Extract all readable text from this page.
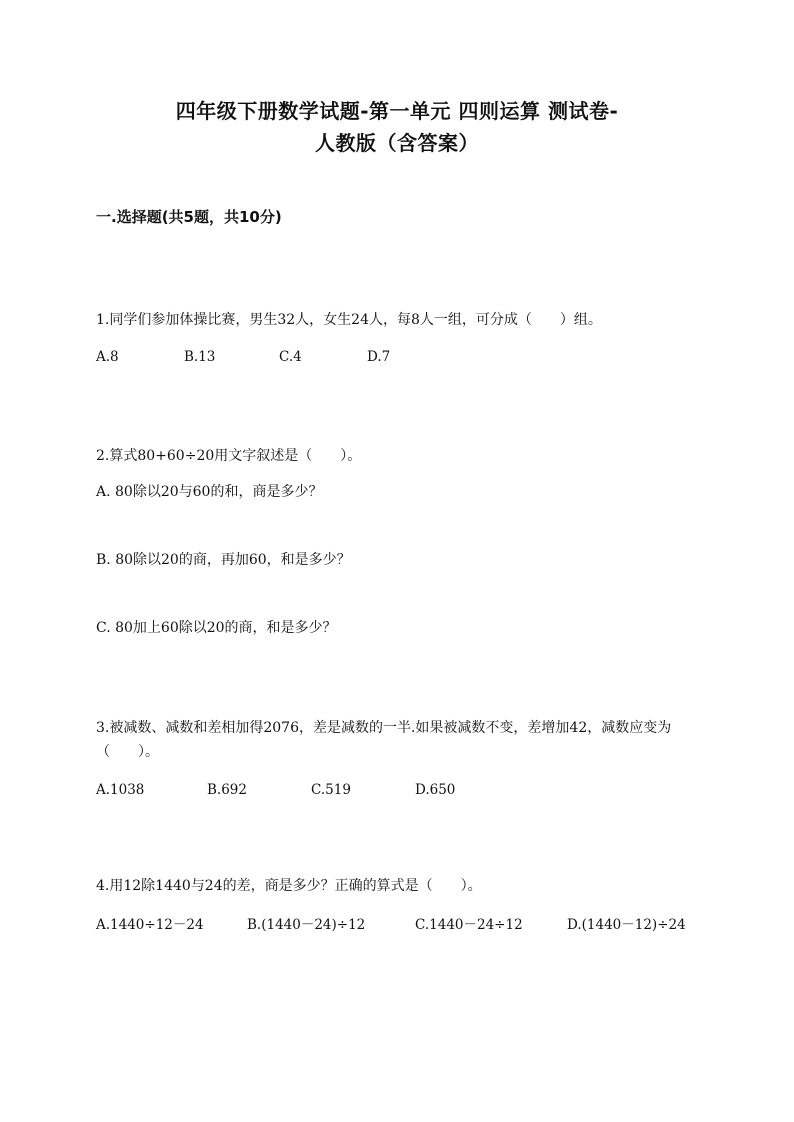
四年级下册数学试题-第一单元 四则运算 测试卷-
人教版（含答案）
一.选择题(共5题，共10分)
1.同学们参加体操比赛，男生32人，女生24人，每8人一组，可分成（　　）组。
A.8	B.13	C.4	D.7
2.算式80+60÷20用文字叙述是（　　）。
A. 80除以20与60的和，商是多少？
B. 80除以20的商，再加60，和是多少？
C. 80加上60除以20的商，和是多少？
3.被减数、减数和差相加得2076，差是减数的一半.如果被减数不变，差增加42，减数应变为（　　）。
A.1038	B.692	C.519	D.650
4.用12除1440与24的差，商是多少？正确的算式是（　　）。
A.1440÷12－24	B.(1440－24)÷12	C.1440－24÷12	D.(1440－12)÷24
